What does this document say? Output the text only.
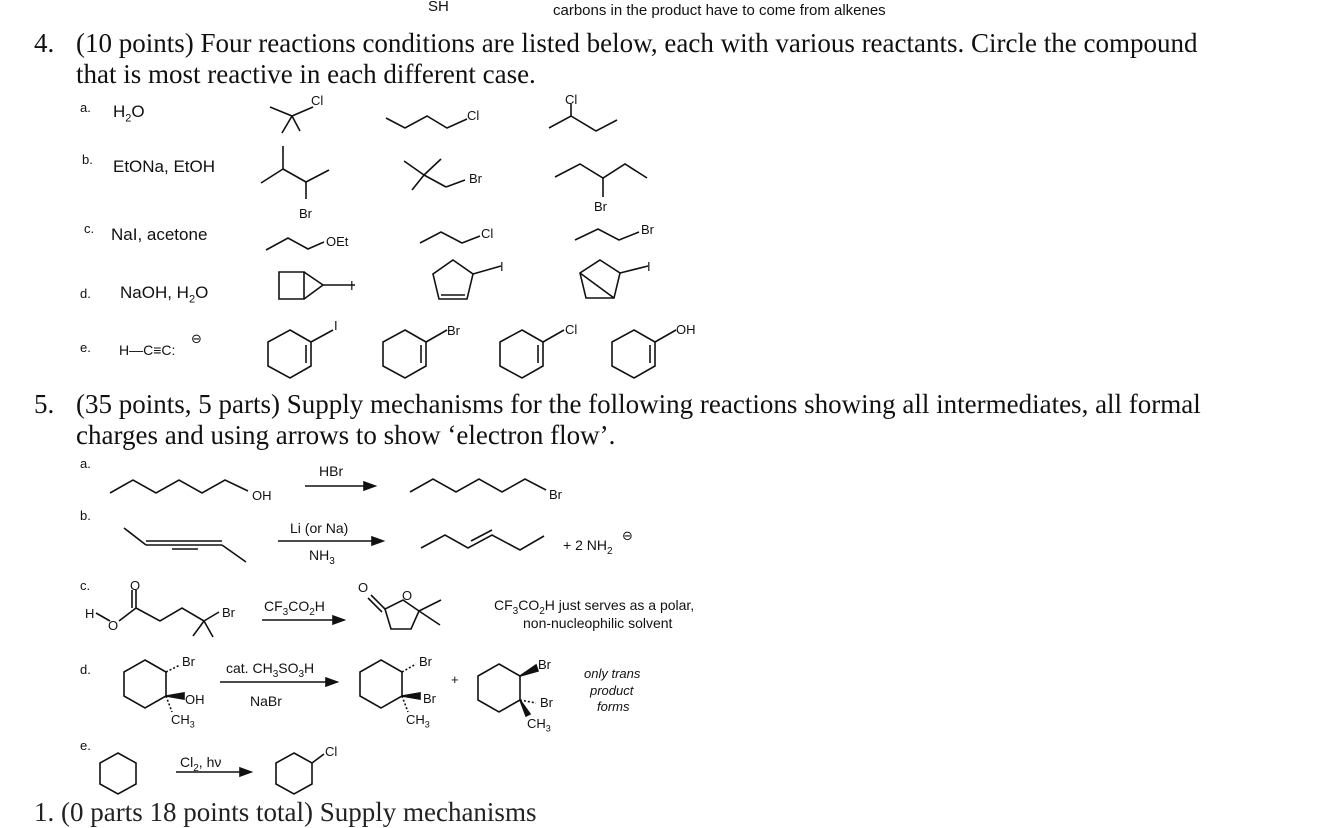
SH	carbons in the product have to come from alkenes
4. (10 points) Four reactions conditions are listed below, each with various reactants. Circle the compound
that is most reactive in each different case.
a. $H_2O$
b. EtONa, EtOH
c. NaI, acetone
d. NaOH, $H_2O$
e. H—C≡C:
⊖
Cl
Cl
Cl
Br
Br
Br
OEt
Cl	Br
I
I	I
I	Br	Cl	OH
5. (35 points, 5 parts) Supply mechanisms for the following reactions showing all intermediates, all formal
charges and using arrows to show ‘electron flow’.
a.	HBr
OH	Br
b.
Li (or Na)
$NH_3$
+ 2 $NH_2$
⊖
c.	O
H
O
Br $CF_3CO_2H$
O
O
$CF_3CO_2H$ just serves as a polar,
non-nucleophilic solvent
d.
Br
OH
$CH_3$
cat. $CH_3SO_3H$
NaBr
Br
Br
$CH_3$
+
Br
Br
$CH_3$
only trans
product
forms
e.
$Cl_2$, hν
Cl
1. (0 parts 18 points total) Supply mechanisms
